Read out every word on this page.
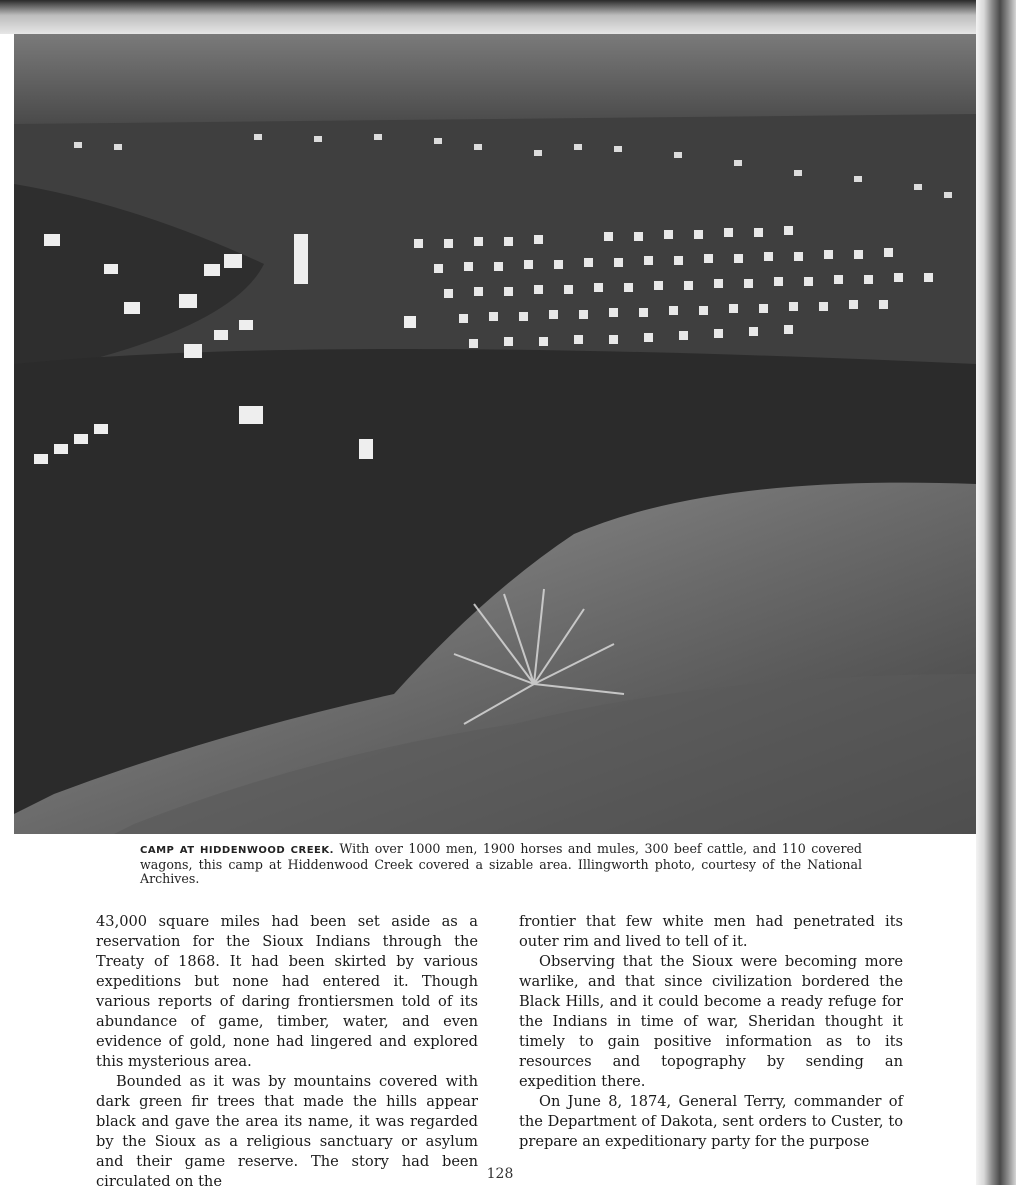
CAMP AT HIDDENWOOD CREEK. With over 1000 men, 1900 horses and mules, 300 beef cattle, and 110 covered wagons, this camp at Hiddenwood Creek covered a sizable area. Illingworth photo, courtesy of the National Archives.

43,000 square miles had been set aside as a reservation for the Sioux Indians through the Treaty of 1868. It had been skirted by various expeditions but none had entered it. Though various reports of daring frontiersmen told of its abundance of game, timber, water, and even evidence of gold, none had lingered and explored this mysterious area.

Bounded as it was by mountains covered with dark green fir trees that made the hills appear black and gave the area its name, it was regarded by the Sioux as a religious sanctuary or asylum and their game reserve. The story had been circulated on the

frontier that few white men had penetrated its outer rim and lived to tell of it.

Observing that the Sioux were becoming more warlike, and that since civilization bordered the Black Hills, and it could become a ready refuge for the Indians in time of war, Sheridan thought it timely to gain positive information as to its resources and topography by sending an expedition there.

On June 8, 1874, General Terry, commander of the Department of Dakota, sent orders to Custer, to prepare an expeditionary party for the purpose

128
